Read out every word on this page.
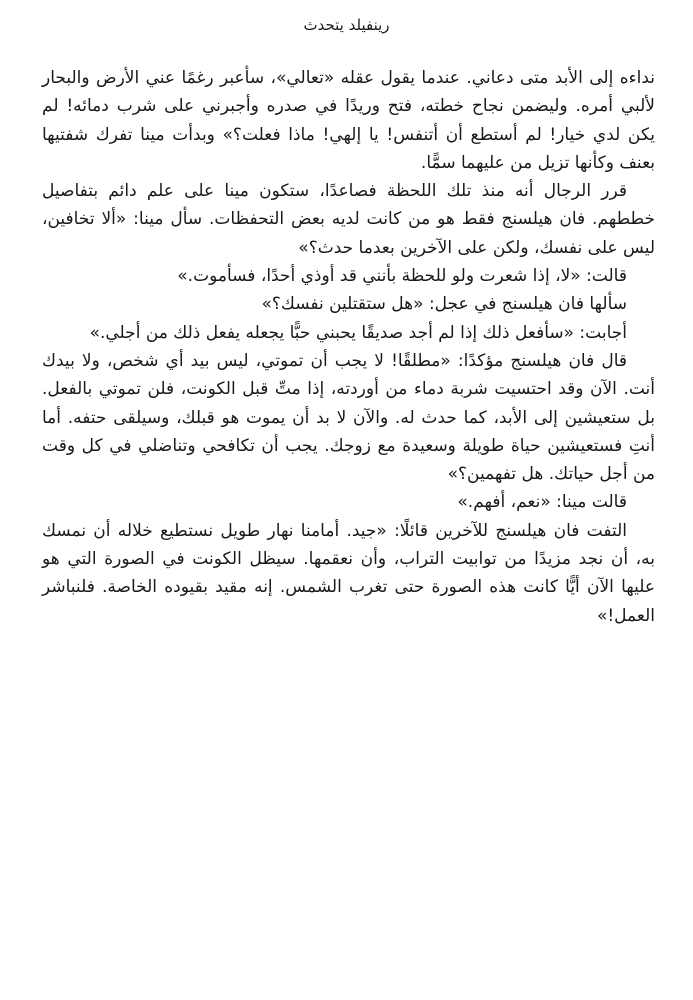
رينفيلد يتحدث

نداءه إلى الأبد متى دعاني. عندما يقول عقله «تعالي»، سأعبر رغمًا عني الأرض والبحار لألبي أمره. وليضمن نجاح خطته، فتح وريدًا في صدره وأجبرني على شرب دمائه! لم يكن لدي خيار! لم أستطع أن أتنفس! يا إلهي! ماذا فعلت؟» وبدأت مينا تفرك شفتيها بعنف وكأنها تزيل من عليهما سمًّا.

قرر الرجال أنه منذ تلك اللحظة فصاعدًا، ستكون مينا على علم دائم بتفاصيل خططهم. فان هيلسنج فقط هو من كانت لديه بعض التحفظات. سأل مينا: «ألا تخافين، ليس على نفسك، ولكن على الآخرين بعدما حدث؟»

قالت: «لا، إذا شعرت ولو للحظة بأنني قد أوذي أحدًا، فسأموت.»

سألها فان هيلسنج في عجل: «هل ستقتلين نفسك؟»

أجابت: «سأفعل ذلك إذا لم أجد صديقًا يحبني حبًّا يجعله يفعل ذلك من أجلي.»

قال فان هيلسنج مؤكدًا: «مطلقًا! لا يجب أن تموتي، ليس بيد أي شخص، ولا بيدك أنت. الآن وقد احتسيت شربة دماء من أوردته، إذا متِّ قبل الكونت، فلن تموتي بالفعل. بل ستعيشين إلى الأبد، كما حدث له. والآن لا بد أن يموت هو قبلك، وسيلقى حتفه. أما أنتِ فستعيشين حياة طويلة وسعيدة مع زوجك. يجب أن تكافحي وتناضلي في كل وقت من أجل حياتك. هل تفهمين؟»

قالت مينا: «نعم، أفهم.»

التفت فان هيلسنج للآخرين قائلًا: «جيد. أمامنا نهار طويل نستطيع خلاله أن نمسك به، أن نجد مزيدًا من توابيت التراب، وأن نعقمها. سيظل الكونت في الصورة التي هو عليها الآن أيًّا كانت هذه الصورة حتى تغرب الشمس. إنه مقيد بقيوده الخاصة. فلنباشر العمل!»
